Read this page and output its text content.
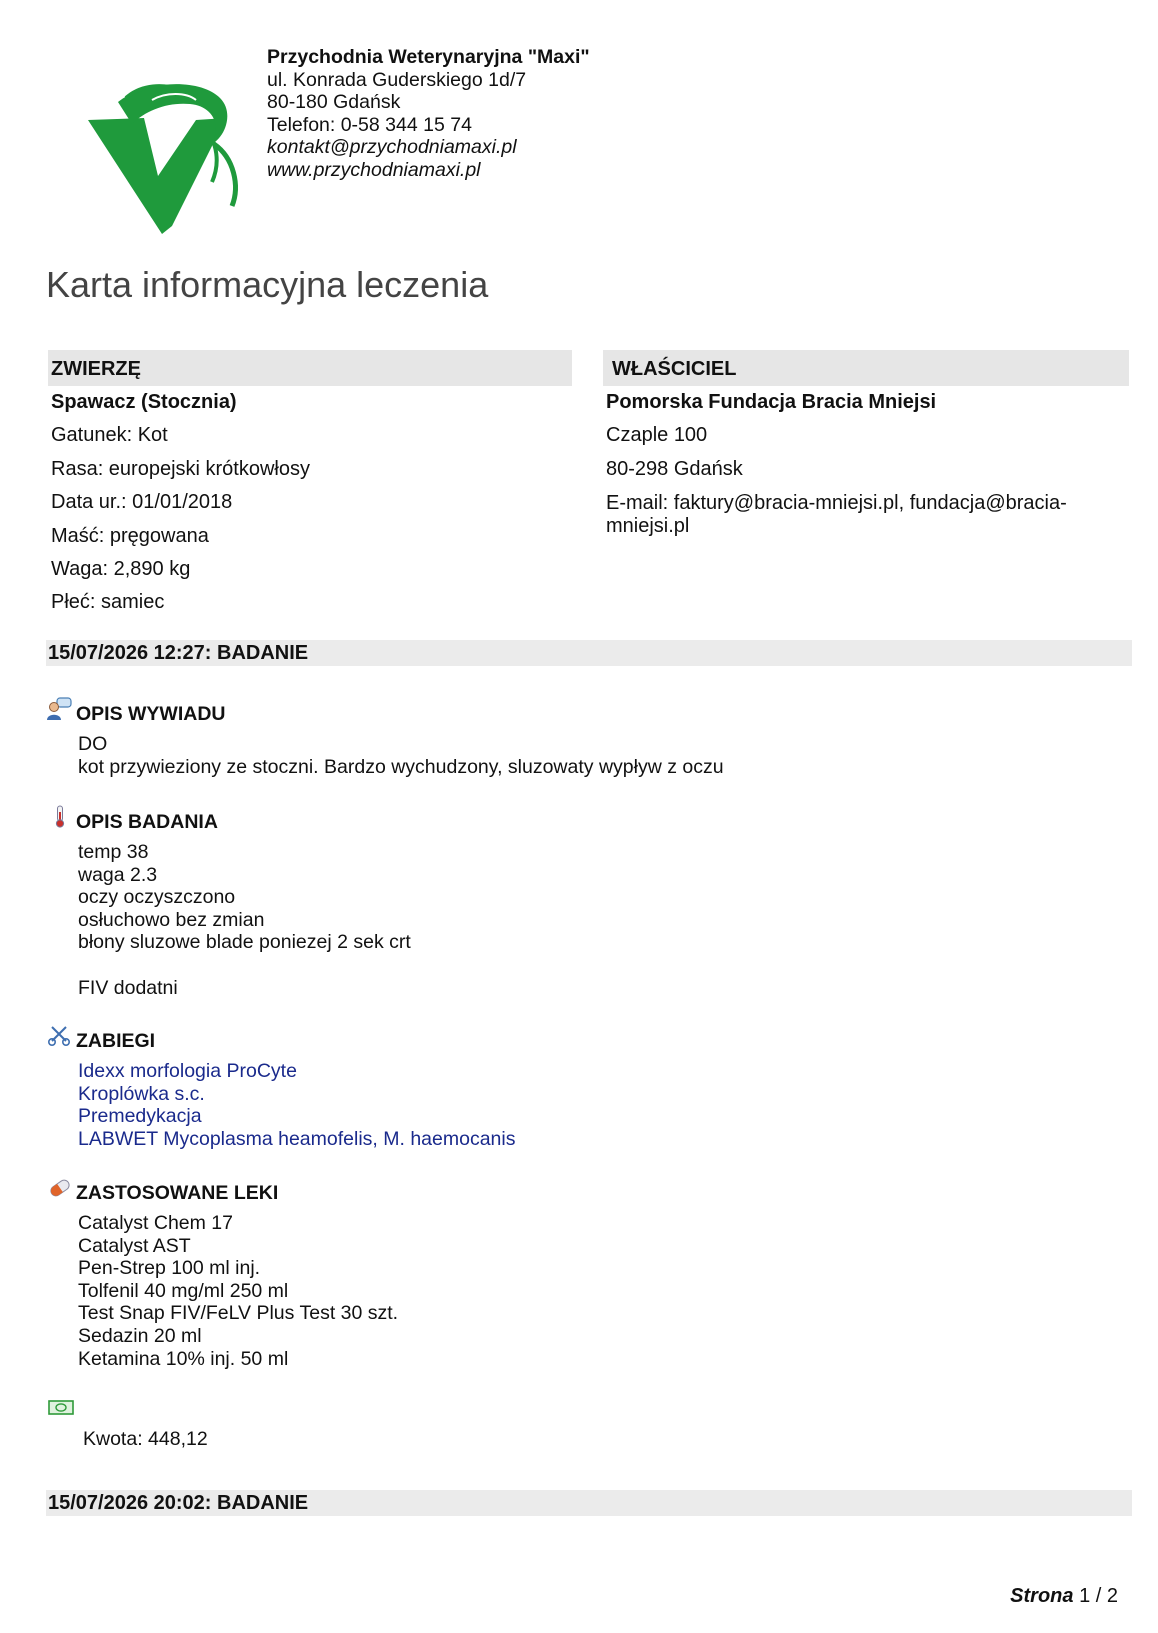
Przychodnia Weterynaryjna "Maxi"
ul. Konrada Guderskiego 1d/7
80-180 Gdańsk
Telefon: 0-58 344 15 74
kontakt@przychodniamaxi.pl
www.przychodniamaxi.pl
Karta informacyjna leczenia
ZWIERZĘ
Spawacz (Stocznia)
Gatunek: Kot
Rasa: europejski krótkowłosy
Data ur.: 01/01/2018
Maść: pręgowana
Waga: 2,890 kg
Płeć: samiec
WŁAŚCICIEL
Pomorska Fundacja Bracia Mniejsi
Czaple 100
80-298 Gdańsk
E-mail: faktury@bracia-mniejsi.pl, fundacja@bracia-mniejsi.pl
15/07/2026 12:27: BADANIE
OPIS WYWIADU
DO
kot przywieziony ze stoczni. Bardzo wychudzony, sluzowaty wypływ z oczu
OPIS BADANIA
temp 38
waga 2.3
oczy oczyszczono
osłuchowo bez zmian
błony sluzowe blade poniezej 2 sek crt
FIV dodatni
ZABIEGI
Idexx morfologia ProCyte
Kroplówka s.c.
Premedykacja
LABWET Mycoplasma heamofelis, M. haemocanis
ZASTOSOWANE LEKI
Catalyst Chem 17
Catalyst AST
Pen-Strep 100 ml inj.
Tolfenil 40 mg/ml 250 ml
Test Snap FIV/FeLV Plus Test 30 szt.
Sedazin 20 ml
Ketamina 10% inj. 50 ml
Kwota: 448,12
15/07/2026 20:02: BADANIE
Strona 1 / 2
